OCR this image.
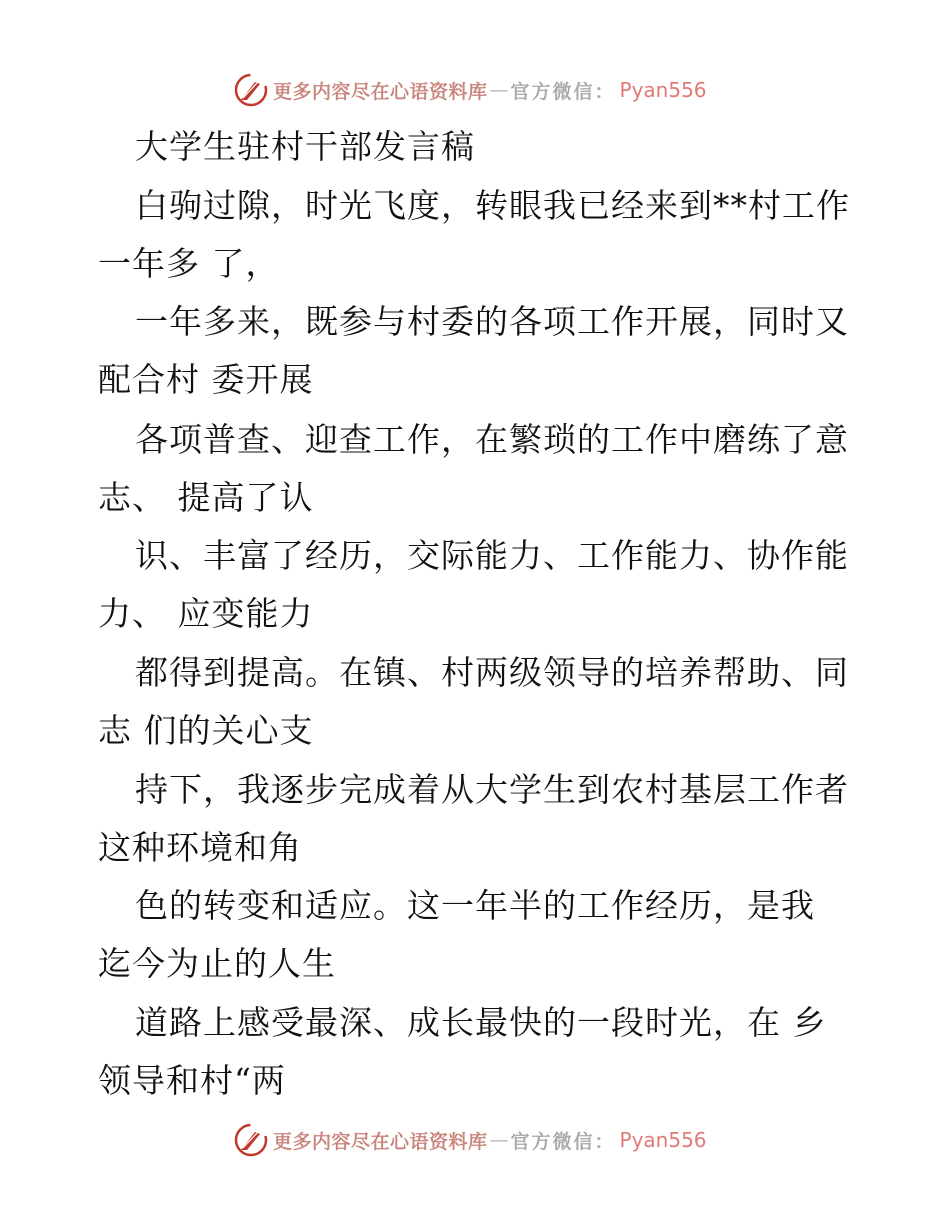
更多内容尽在心语资料库 — 官方微信： Pyan556
大学生驻村干部发言稿
白驹过隙，时光飞度，转眼我已经来到**村工作
一年多 了，
一年多来，既参与村委的各项工作开展，同时又
配合村 委开展
各项普查、迎查工作，在繁琐的工作中磨练了意
志、 提高了认
识、丰富了经历，交际能力、工作能力、协作能
力、 应变能力
都得到提高。在镇、村两级领导的培养帮助、同
志 们的关心支
持下，我逐步完成着从大学生到农村基层工作者
这种环境和角
色的转变和适应。这一年半的工作经历，是我
迄今为止的人生
道路上感受最深、成长最快的一段时光，在 乡
领导和村“两
更多内容尽在心语资料库 — 官方微信： Pyan556
